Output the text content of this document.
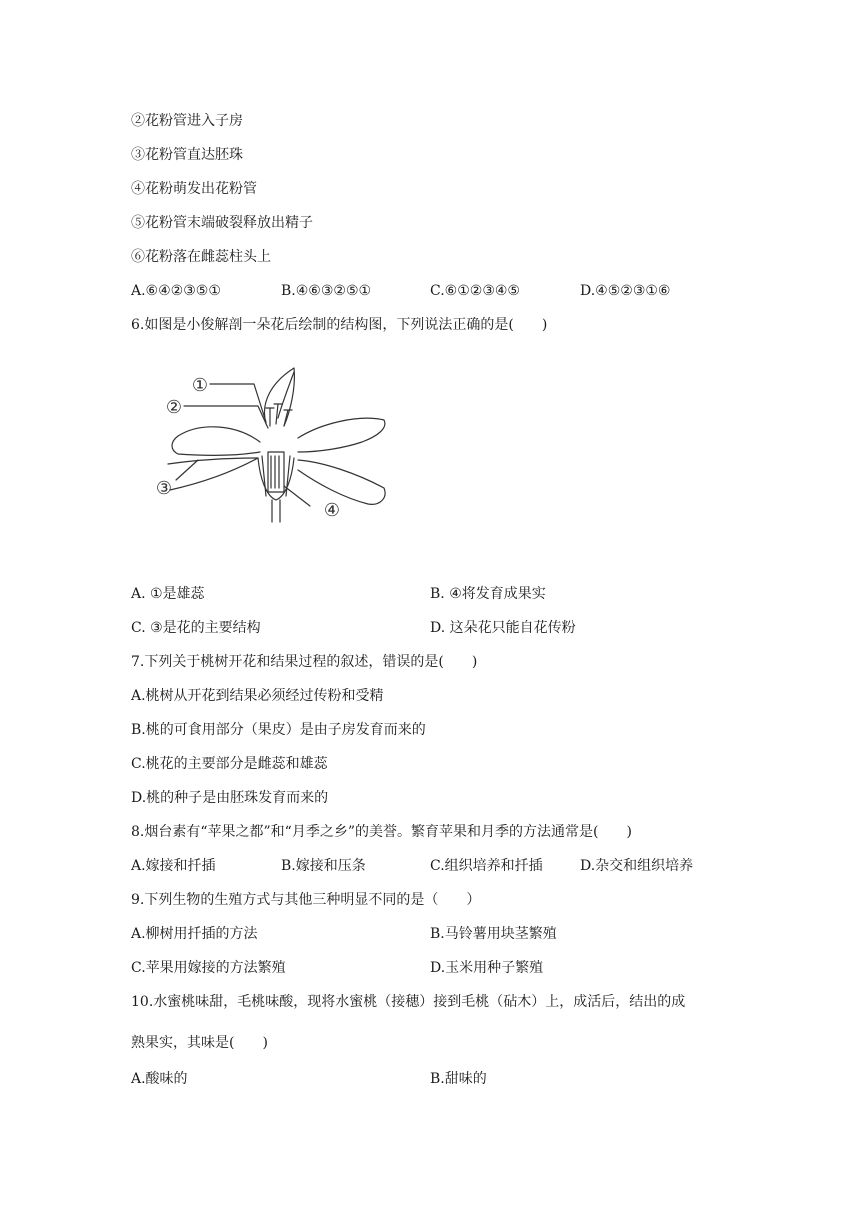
②花粉管进入子房
③花粉管直达胚珠
④花粉萌发出花粉管
⑤花粉管末端破裂释放出精子
⑥花粉落在雌蕊柱头上
A.⑥④②③⑤①	B.④⑥③②⑤①	C.⑥①②③④⑤	D.④⑤②③①⑥
6.如图是小俊解剖一朵花后绘制的结构图，下列说法正确的是(　　)
①
②
③
④
A. ①是雄蕊	B. ④将发育成果实
C. ③是花的主要结构	D. 这朵花只能自花传粉
7.下列关于桃树开花和结果过程的叙述，错误的是(　　)
A.桃树从开花到结果必须经过传粉和受精
B.桃的可食用部分（果皮）是由子房发育而来的
C.桃花的主要部分是雌蕊和雄蕊
D.桃的种子是由胚珠发育而来的
8.烟台素有“苹果之都”和“月季之乡”的美誉。繁育苹果和月季的方法通常是(　　)
A.嫁接和扦插	B.嫁接和压条	C.组织培养和扦插	D.杂交和组织培养
9.下列生物的生殖方式与其他三种明显不同的是（　　）
A.柳树用扦插的方法	B.马铃薯用块茎繁殖
C.苹果用嫁接的方法繁殖	D.玉米用种子繁殖
10.水蜜桃味甜，毛桃味酸，现将水蜜桃（接穗）接到毛桃（砧木）上，成活后，结出的成
熟果实，其味是(　　)
A.酸味的	B.甜味的
